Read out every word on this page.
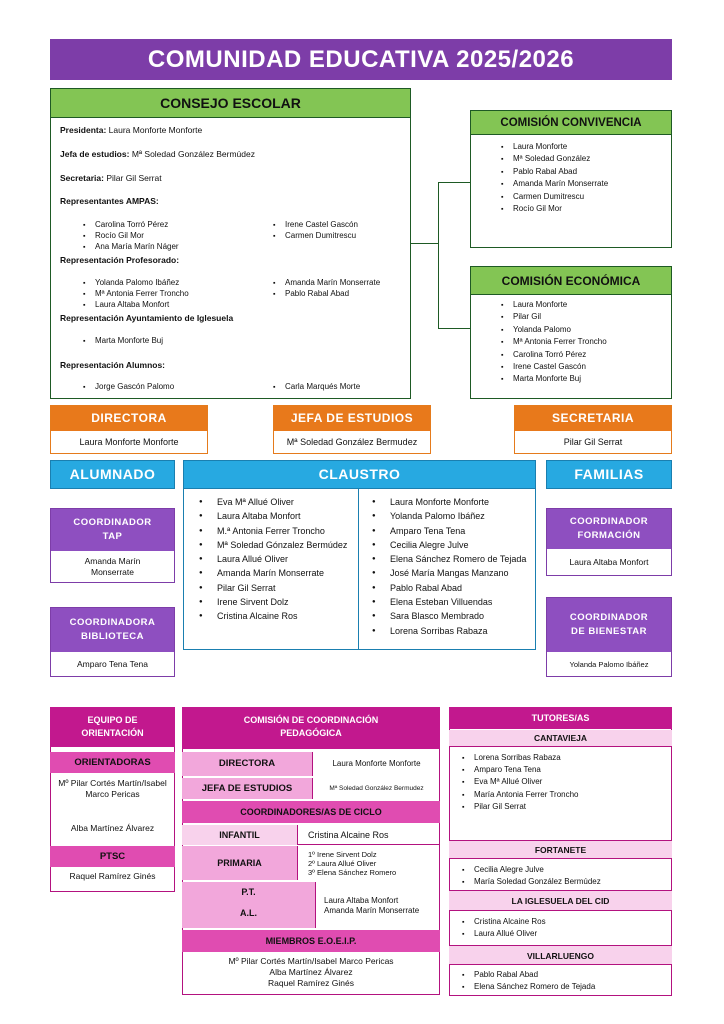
COMUNIDAD EDUCATIVA 2025/2026
CONSEJO ESCOLAR
Presidenta: Laura Monforte Monforte
Jefa de estudios: Mª Soledad González Bermúdez
Secretaria: Pilar Gil Serrat
Representantes AMPAS:
▪ Carolina Torró Pérez
▪ Rocío Gil Mor
▪ Ana María Marín Náger
▪ Irene Castel Gascón
▪ Carmen Dumitrescu
Representación Profesorado:
▪ Yolanda Palomo Ibáñez
▪ Mª Antonia Ferrer Troncho
▪ Laura Altaba Monfort
▪ Amanda Marín Monserrate
▪ Pablo Rabal Abad
Representación Ayuntamiento de Iglesuela
▪ Marta Monforte Buj
Representación Alumnos:
▪ Jorge Gascón Palomo
▪	Carla Marqués Morte
COMISIÓN CONVIVENCIA
▪ Laura Monforte
▪ Mª Soledad González
▪ Pablo Rabal Abad
▪ Amanda Marín Monserrate
▪ Carmen Dumitrescu
▪ Rocío Gil Mor
COMISIÓN ECONÓMICA
▪ Laura Monforte
▪ Pilar Gil
▪ Yolanda Palomo
▪ Mª Antonia Ferrer Troncho
▪ Carolina Torró Pérez
▪ Irene Castel Gascón
▪ Marta Monforte Buj
DIRECTORA
Laura Monforte Monforte
JEFA DE ESTUDIOS
Mª Soledad González Bermudez
SECRETARIA
Pilar Gil Serrat
ALUMNADO	CLAUSTRO	FAMILIAS
● Eva Mª Allué Oliver
● Laura Altaba Monfort
● M.ª Antonia Ferrer Troncho
● Mª Soledad Gónzalez Bermúdez
● Laura Allué Oliver
● Amanda Marín Monserrate
● Pilar Gil Serrat
● Irene Sirvent Dolz
● Cristina Alcaine Ros
● Laura Monforte Monforte
● Yolanda Palomo Ibáñez
● Amparo Tena Tena
● Cecilia Alegre Julve
● Elena Sánchez Romero de Tejada
● José María Mangas Manzano
● Pablo Rabal Abad
● Elena Esteban Villuendas
● Sara Blasco Membrado
● Lorena Sorribas Rabaza
COORDINADOR TAP
Amanda Marín Monserrate
COORDINADORA BIBLIOTECA
Amparo Tena Tena
COORDINADOR FORMACIÓN
Laura Altaba Monfort
COORDINADOR DE BIENESTAR
Yolanda Palomo Ibáñez
EQUIPO DE ORIENTACIÓN
ORIENTADORAS
Mº Pilar Cortés Martín/Isabel Marco Pericas
Alba Martínez Álvarez
PTSC
Raquel Ramírez Ginés
COMISIÓN DE COORDINACIÓN PEDAGÓGICA
DIRECTORA	Laura Monforte Monforte
JEFA DE ESTUDIOS	Mª Soledad González Bermudez
COORDINADORES/AS DE CICLO
INFANTIL	Cristina Alcaine Ros
PRIMARIA
1º Irene Sirvent Dolz
2º Laura Allué Oliver
3º Elena Sánchez Romero
P.T.
A.L.
Laura Altaba Monfort
Amanda Marín Monserrate
MIEMBROS E.O.E.I.P.
Mº Pilar Cortés Martín/Isabel Marco Pericas
Alba Martínez Álvarez
Raquel Ramírez Ginés
TUTORES/AS
CANTAVIEJA
▪ Lorena Sorribas Rabaza
▪ Amparo Tena Tena
▪ Eva Mª Allué Oliver
▪ María Antonia Ferrer Troncho
▪ Pilar Gil Serrat
FORTANETE
▪ Cecilia Alegre Julve
▪ María Soledad González Bermúdez
LA IGLESUELA DEL CID
▪ Cristina Alcaine Ros
▪ Laura Allué Oliver
VILLARLUENGO
▪ Pablo Rabal Abad
▪ Elena Sánchez Romero de Tejada
